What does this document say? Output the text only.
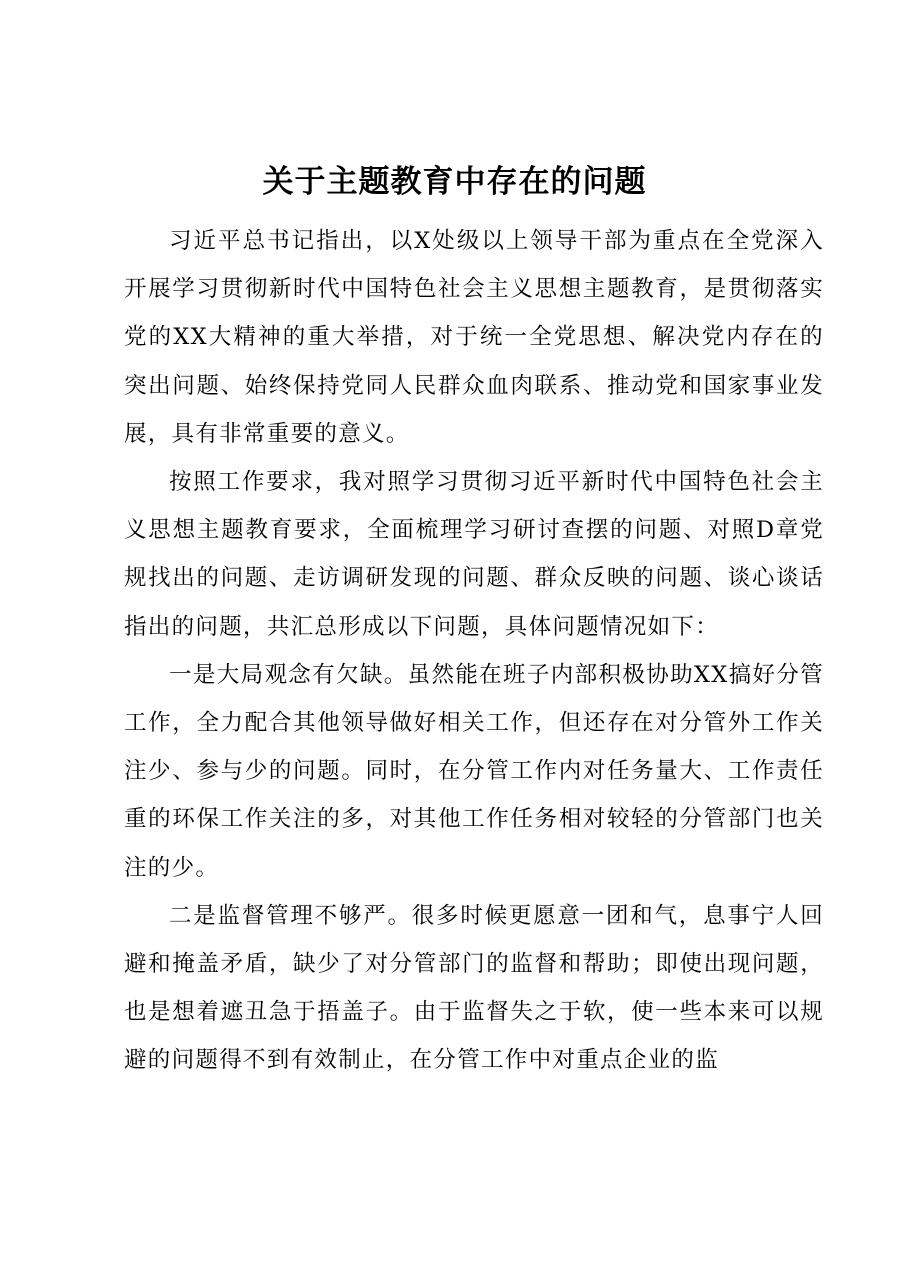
关于主题教育中存在的问题

习近平总书记指出，以X处级以上领导干部为重点在全党深入开展学习贯彻新时代中国特色社会主义思想主题教育，是贯彻落实党的XX大精神的重大举措，对于统一全党思想、解决党内存在的突出问题、始终保持党同人民群众血肉联系、推动党和国家事业发展，具有非常重要的意义。

按照工作要求，我对照学习贯彻习近平新时代中国特色社会主义思想主题教育要求，全面梳理学习研讨查摆的问题、对照D章党规找出的问题、走访调研发现的问题、群众反映的问题、谈心谈话指出的问题，共汇总形成以下问题，具体问题情况如下：

一是大局观念有欠缺。虽然能在班子内部积极协助XX搞好分管工作，全力配合其他领导做好相关工作，但还存在对分管外工作关注少、参与少的问题。同时，在分管工作内对任务量大、工作责任重的环保工作关注的多，对其他工作任务相对较轻的分管部门也关注的少。

二是监督管理不够严。很多时候更愿意一团和气，息事宁人回避和掩盖矛盾，缺少了对分管部门的监督和帮助；即使出现问题，也是想着遮丑急于捂盖子。由于监督失之于软，使一些本来可以规避的问题得不到有效制止，在分管工作中对重点企业的监
